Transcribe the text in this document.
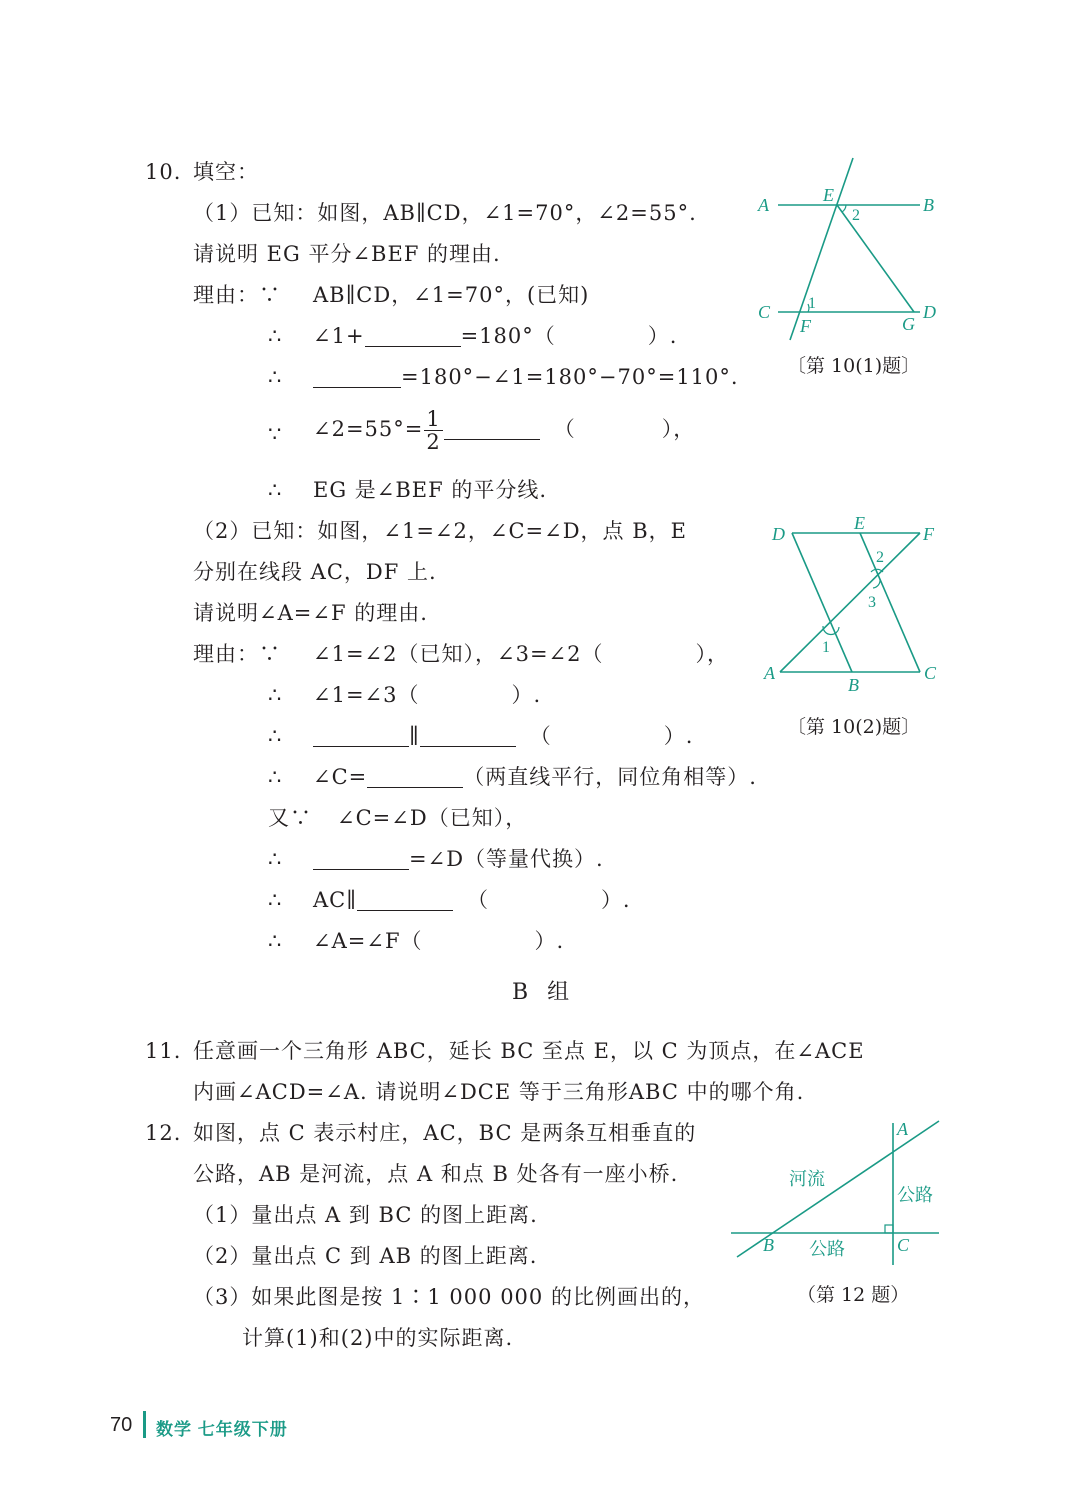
10. 填空：
（1）已知：如图，AB∥CD，∠1=70°，∠2=55°.
请说明 EG 平分∠BEF 的理由.
理由：∵ AB∥CD，∠1=70°，(已知)
∴ ∠1+	=180°（	）.
∴	=180°−∠1=180°−70°=110°.
∵ ∠2=55°= $\frac{1}{2}$	（	），
∴ EG 是∠BEF 的平分线.
（2）已知：如图，∠1=∠2，∠C=∠D，点 B，E
分别在线段 AC，DF 上.
请说明∠A=∠F 的理由.
理由：∵ ∠1=∠2（已知），∠3=∠2（	），
∴ ∠1=∠3（	）.
∴	∥	（	）.
∴ ∠C=	（两直线平行，同位角相等）.
又∵ ∠C=∠D（已知），
∴	=∠D（等量代换）.
∴ AC∥	（	）.
∴ ∠A=∠F（	）.
B 组
11. 任意画一个三角形 ABC，延长 BC 至点 E，以 C 为顶点，在∠ACE
内画∠ACD=∠A. 请说明∠DCE 等于三角形ABC 中的哪个角.
12. 如图，点 C 表示村庄，AC，BC 是两条互相垂直的
公路，AB 是河流，点 A 和点 B 处各有一座小桥.
（1）量出点 A 到 BC 的图上距离.
（2）量出点 C 到 AB 的图上距离.
（3）如果此图是按 1∶1 000 000 的比例画出的，
计算(1)和(2)中的实际距离.
A	B
E
2
C 1
F	G
D
〔第 10(1)题〕
D
E
F
2
3
1
A
B
C
〔第 10(2)题〕
A
B	C
河流
公路
公路
（第 12 题）
70 数学 七年级下册
